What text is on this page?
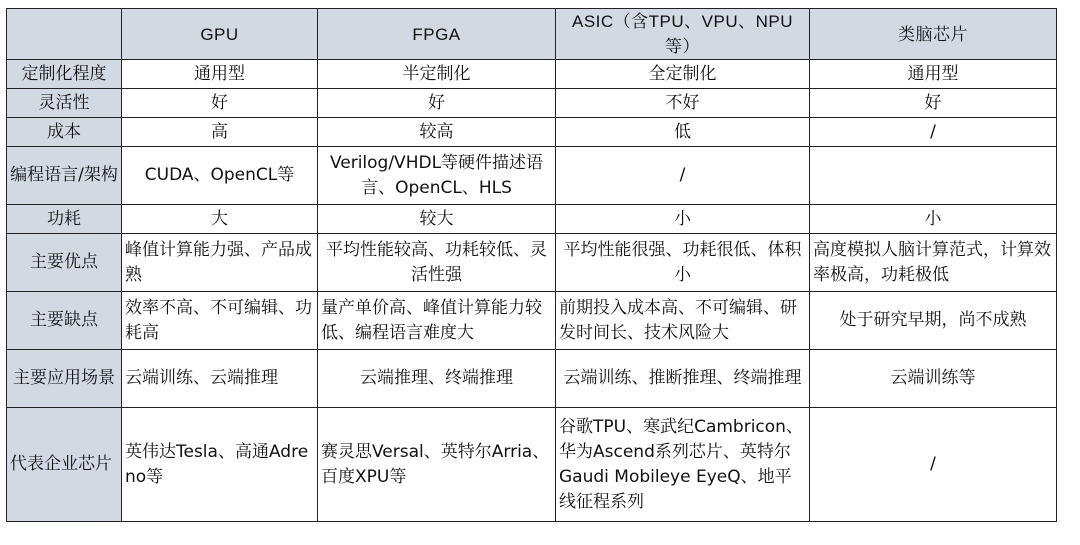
	GPU	FPGA	ASIC（含TPU、VPU、NPU等）	类脑芯片
定制化程度	通用型	半定制化	全定制化	通用型
灵活性	好	好	不好	好
成本	高	较高	低	/
编程语言/架构	CUDA、OpenCL等	Verilog/VHDL等硬件描述语言、OpenCL、HLS	/	
功耗	大	较大	小	小
主要优点	峰值计算能力强、产品成熟	平均性能较高、功耗较低、灵活性强	平均性能很强、功耗很低、体积小	高度模拟人脑计算范式，计算效率极高，功耗极低
主要缺点	效率不高、不可编辑、功耗高	量产单价高、峰值计算能力较低、编程语言难度大	前期投入成本高、不可编辑、研发时间长、技术风险大	处于研究早期，尚不成熟
主要应用场景	云端训练、云端推理	云端推理、终端推理	云端训练、推断推理、终端推理	云端训练等
代表企业芯片	英伟达Tesla、高通Adreno等	赛灵思Versal、英特尔Arria、 百度XPU等	谷歌TPU、寒武纪Cambricon、华为Ascend系列芯片、英特尔 Gaudi Mobileye EyeQ、地平线征程系列	/
